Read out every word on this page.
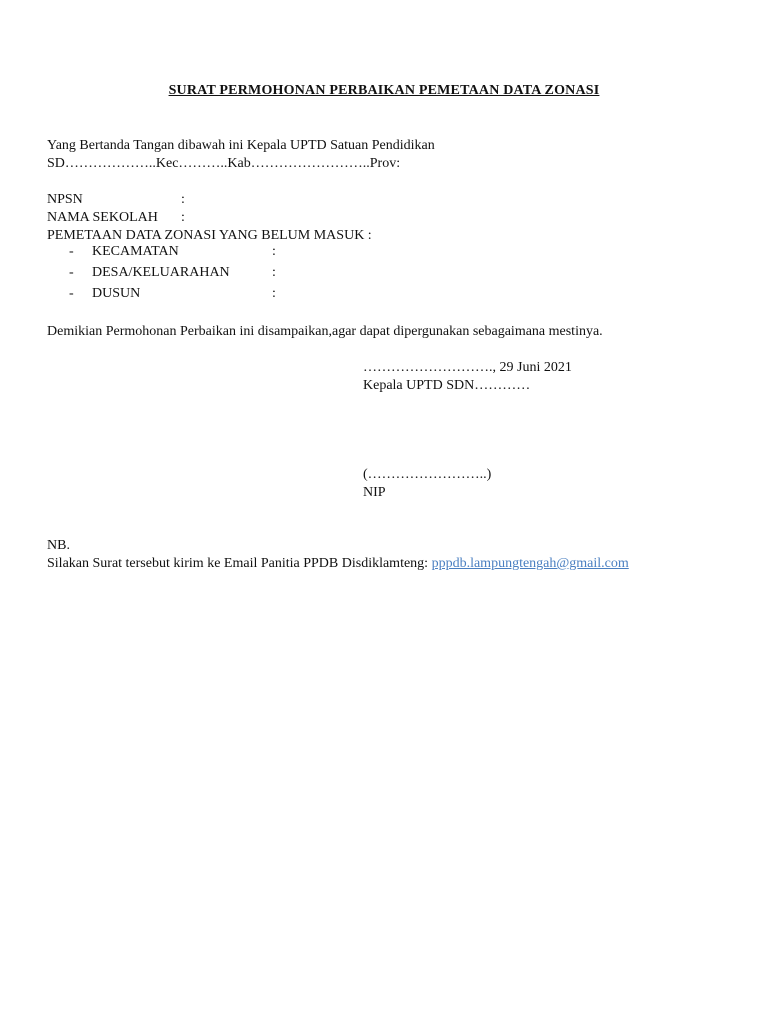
SURAT PERMOHONAN PERBAIKAN PEMETAAN DATA ZONASI
Yang Bertanda Tangan dibawah ini Kepala UPTD Satuan Pendidikan
SD………………..Kec………..Kab……………………..Prov:
NPSN	:
NAMA SEKOLAH :
PEMETAAN DATA ZONASI YANG BELUM MASUK :
- KECAMATAN	:
- DESA/KELUARAHAN	:
- DUSUN	:
Demikian Permohonan Perbaikan ini disampaikan,agar dapat dipergunakan sebagaimana mestinya.
………………………., 29 Juni 2021
Kepala UPTD SDN…………
(……………………..)
NIP
NB.
Silakan Surat tersebut kirim ke Email Panitia PPDB Disdiklamteng: pppdb.lampungtengah@gmail.com
